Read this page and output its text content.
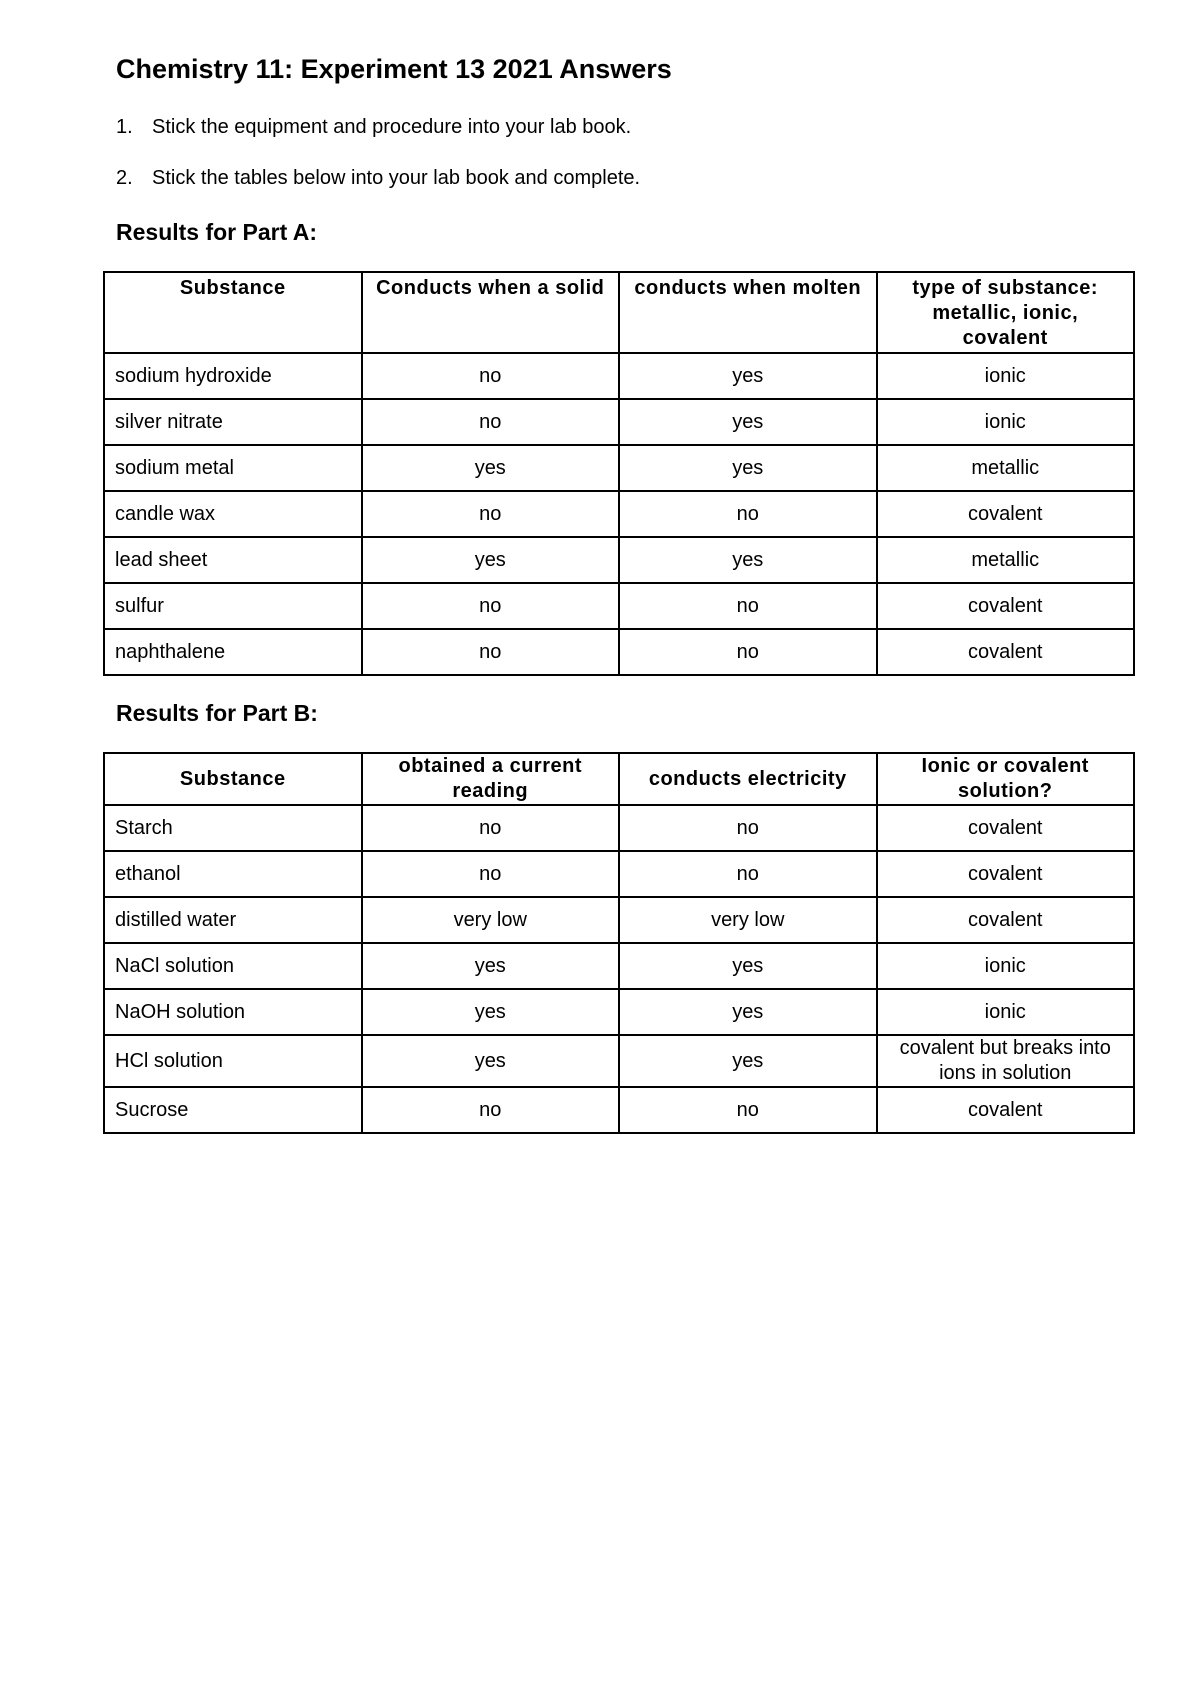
Chemistry 11: Experiment 13 2021 Answers

1. Stick the equipment and procedure into your lab book.

2. Stick the tables below into your lab book and complete.

Results for Part A:
Substance	Conducts when a solid	conducts when molten	type of substance: metallic, ionic, covalent
sodium hydroxide	no	yes	ionic
silver nitrate	no	yes	ionic
sodium metal	yes	yes	metallic
candle wax	no	no	covalent
lead sheet	yes	yes	metallic
sulfur	no	no	covalent
naphthalene	no	no	covalent
Results for Part B:
Substance	obtained a current reading	conducts electricity	Ionic or covalent solution?
Starch	no	no	covalent
ethanol	no	no	covalent
distilled water	very low	very low	covalent
NaCl solution	yes	yes	ionic
NaOH solution	yes	yes	ionic
HCl solution	yes	yes	covalent but breaks into ions in solution
Sucrose	no	no	covalent
